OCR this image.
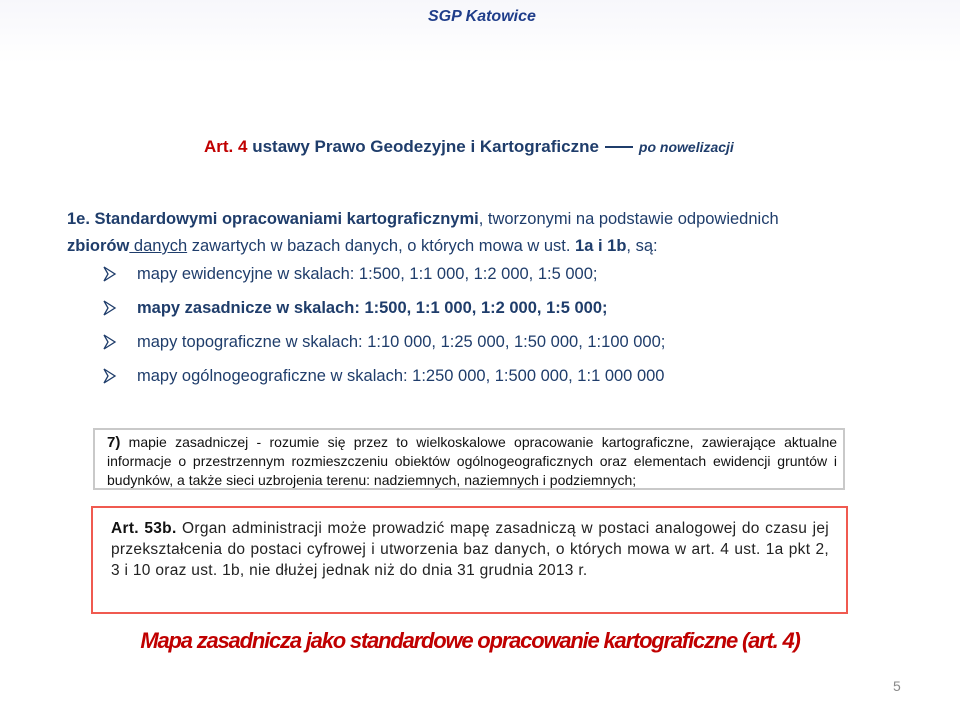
SGP Katowice
Art. 4 ustawy Prawo Geodezyjne i Kartograficzne	po nowelizacji
1e. Standardowymi opracowaniami kartograficznymi, tworzonymi na podstawie odpowiednich
zbiorów danych zawartych w bazach danych, o których mowa w ust. 1a i 1b, są:
mapy ewidencyjne w skalach: 1:500, 1:1 000, 1:2 000, 1:5 000;
mapy zasadnicze w skalach: 1:500, 1:1 000, 1:2 000, 1:5 000;
mapy topograficzne w skalach: 1:10 000, 1:25 000, 1:50 000, 1:100 000;
mapy ogólnogeograficzne w skalach: 1:250 000, 1:500 000, 1:1 000 000
7) mapie zasadniczej - rozumie się przez to wielkoskalowe opracowanie kartograficzne, zawierające aktualne informacje o przestrzennym rozmieszczeniu obiektów ogólnogeograficznych oraz elementach ewidencji gruntów i budynków, a także sieci uzbrojenia terenu: nadziemnych, naziemnych i podziemnych;
Art. 53b. Organ administracji może prowadzić mapę zasadniczą w postaci analogowej do czasu jej przekształcenia do postaci cyfrowej i utworzenia baz danych, o których mowa w art. 4 ust. 1a pkt 2, 3 i 10 oraz ust. 1b, nie dłużej jednak niż do dnia 31 grudnia 2013 r.
Mapa zasadnicza jako standardowe opracowanie kartograficzne (art. 4)
5
